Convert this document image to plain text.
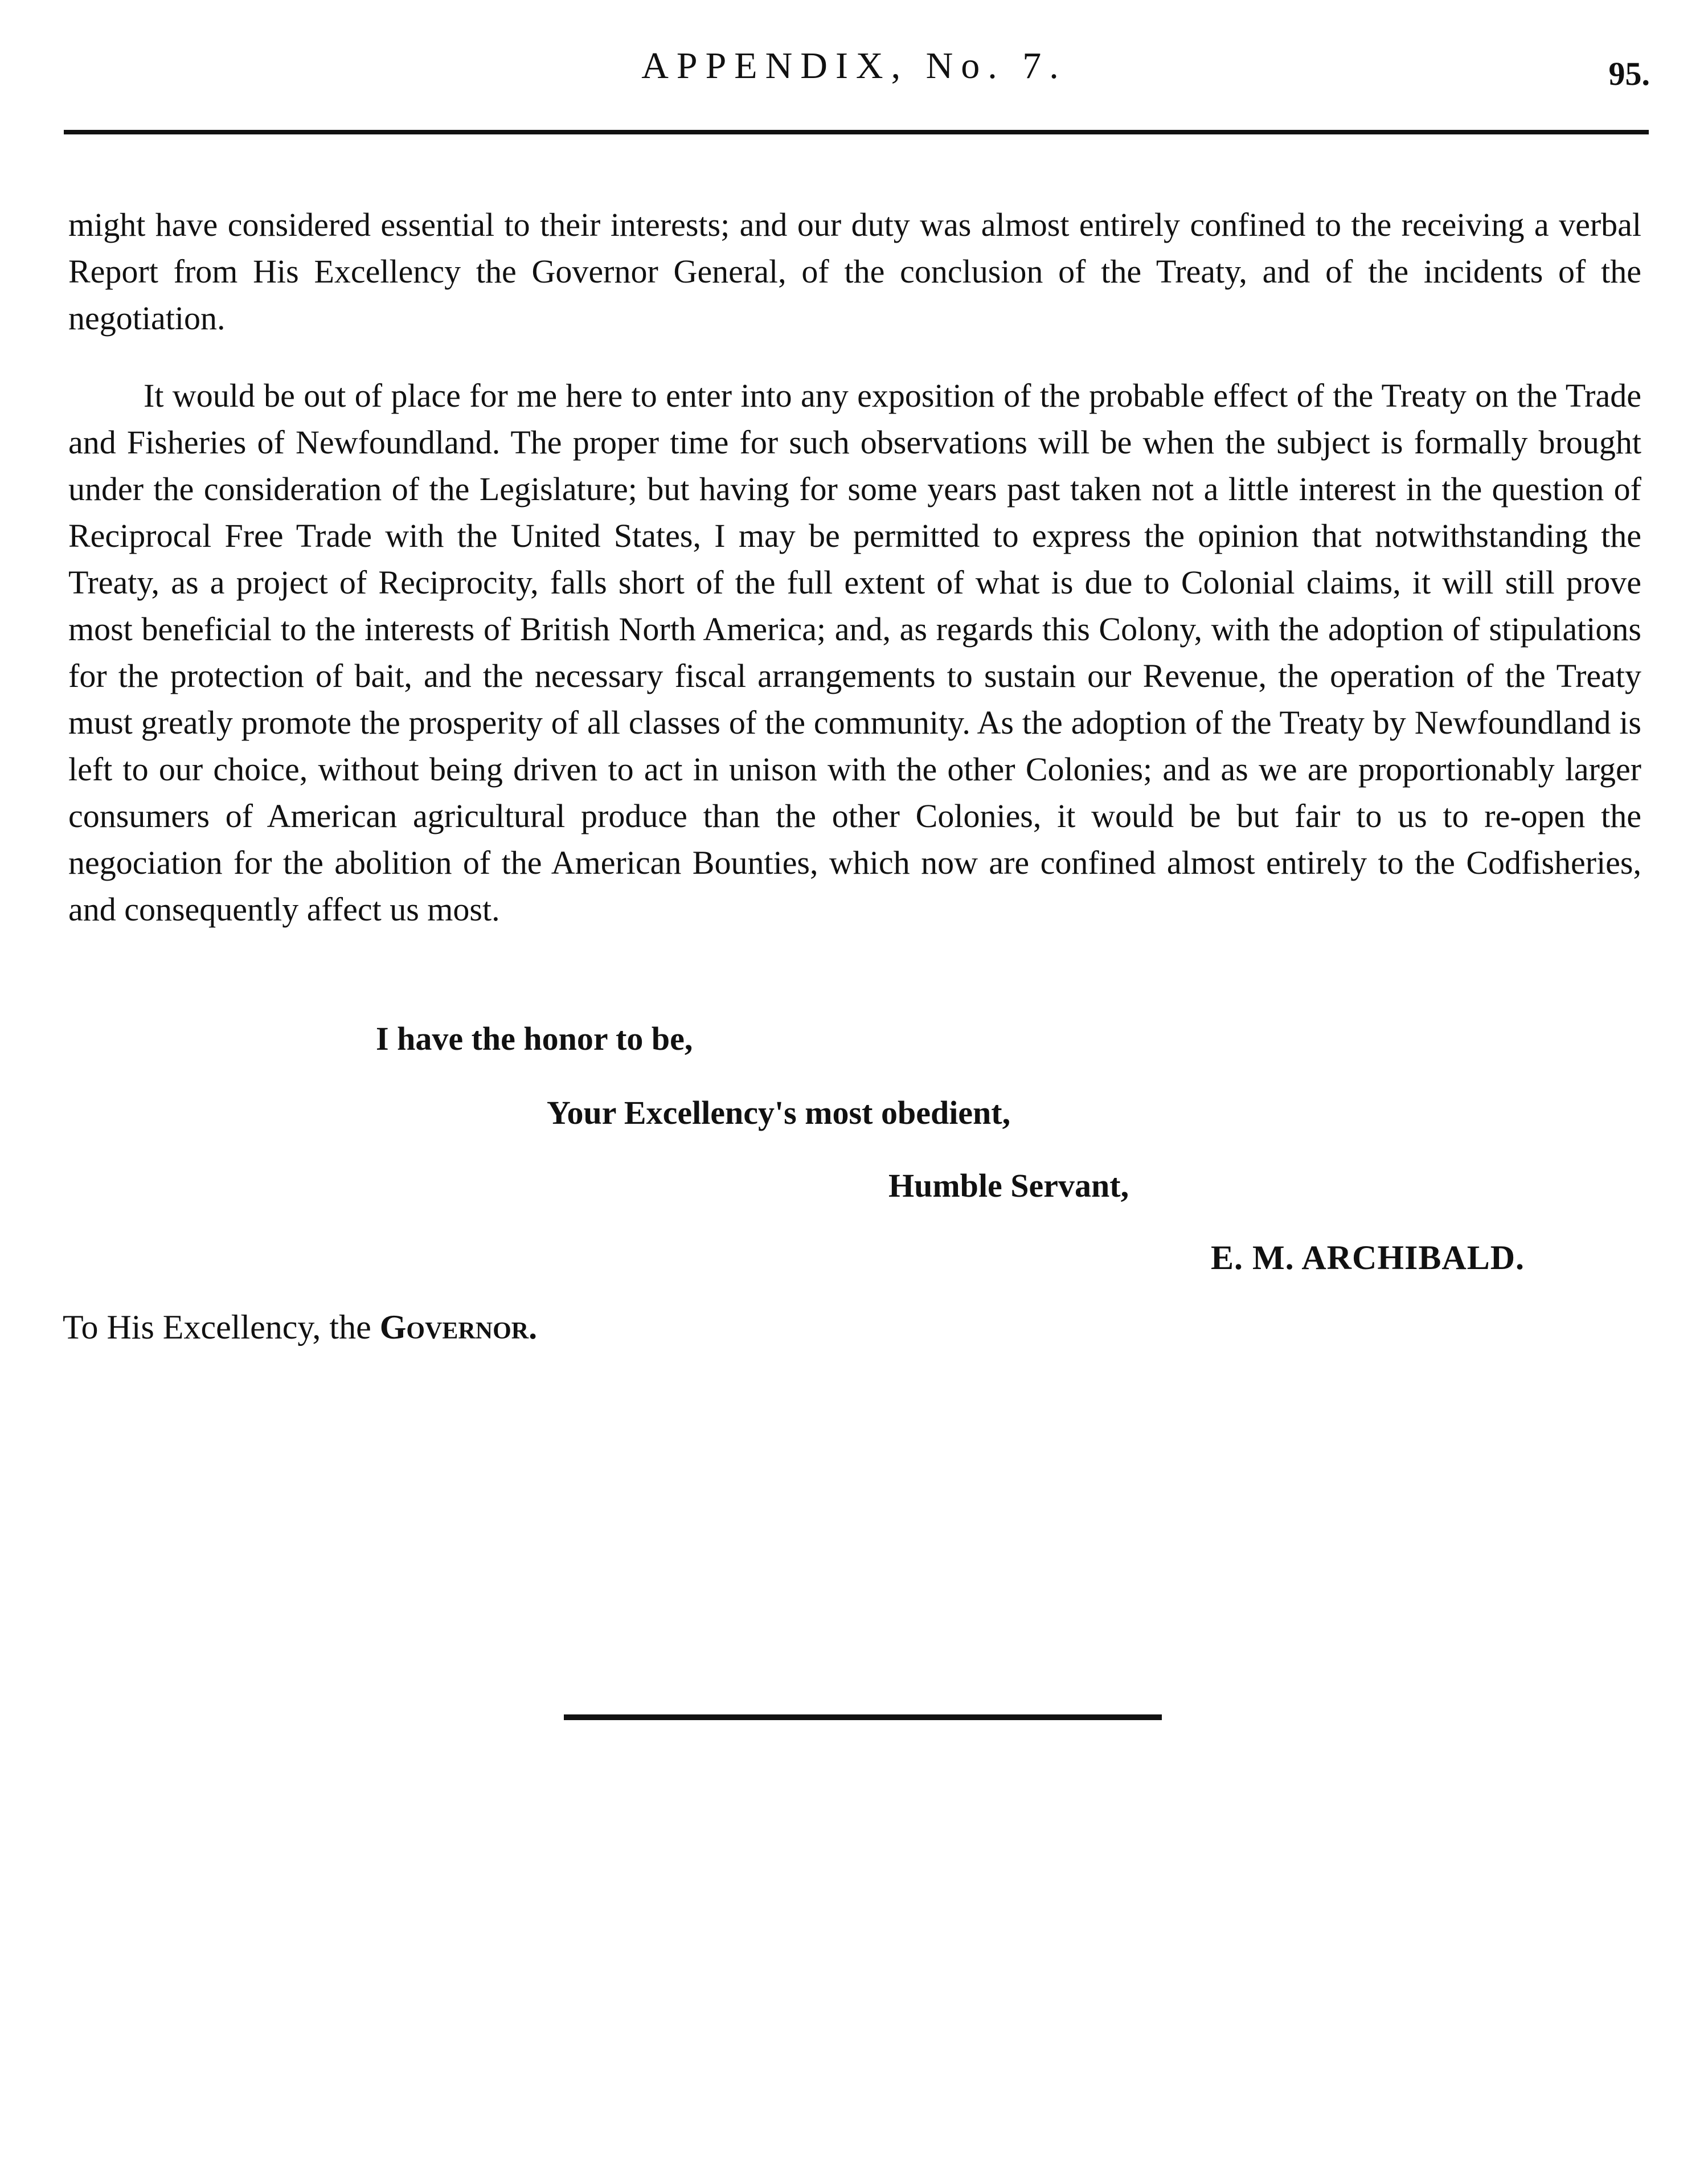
APPENDIX, No. 7.	95.

might have considered essential to their interests; and our duty was almost entirely confined to the receiving a verbal Report from His Excellency the Governor General, of the conclusion of the Treaty, and of the incidents of the negotiation.

It would be out of place for me here to enter into any exposition of the probable effect of the Treaty on the Trade and Fisheries of Newfoundland. The proper time for such observations will be when the subject is formally brought under the consideration of the Legislature; but having for some years past taken not a little interest in the question of Reciprocal Free Trade with the United States, I may be permitted to express the opinion that notwithstanding the Treaty, as a project of Reciprocity, falls short of the full extent of what is due to Colonial claims, it will still prove most beneficial to the interests of British North America; and, as regards this Colony, with the adoption of stipulations for the protection of bait, and the necessary fiscal arrangements to sustain our Revenue, the operation of the Treaty must greatly promote the prosperity of all classes of the community. As the adoption of the Treaty by Newfoundland is left to our choice, without being driven to act in unison with the other Colonies; and as we are proportionably larger consumers of American agricultural produce than the other Colonies, it would be but fair to us to re-open the negociation for the abolition of the American Bounties, which now are confined almost entirely to the Codfisheries, and consequently affect us most.

I have the honor to be,
Your Excellency's most obedient,
Humble Servant,
E. M. ARCHIBALD.
To His Excellency, the Governor.
